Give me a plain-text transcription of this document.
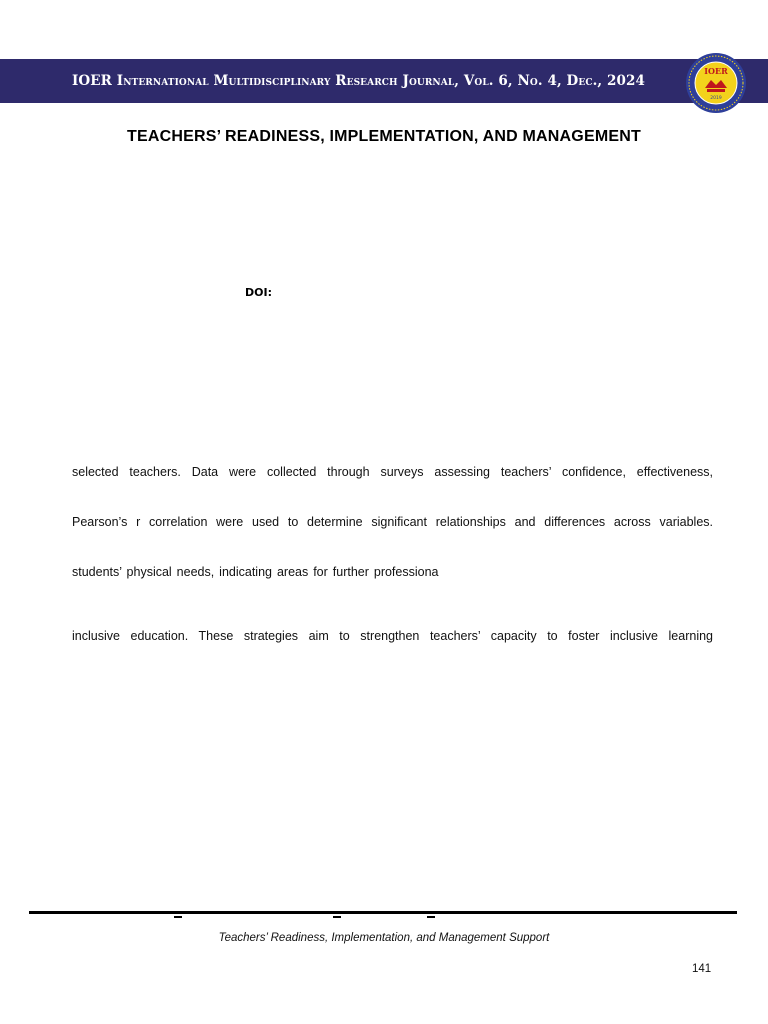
IOER International Multidisciplinary Research Journal, Vol. 6, No. 4, Dec., 2024
IOER
2019
TEACHERS’ READINESS, IMPLEMENTATION, AND MANAGEMENT
DOI:
selected teachers. Data were collected through surveys assessing teachers’ confidence, effectiveness,
Pearson’s r correlation were used to determine significant relationships and differences across variables.
students’ physical needs, indicating areas for further professiona
inclusive education. These strategies aim to strengthen teachers’ capacity to foster inclusive learning
Teachers’ Readiness, Implementation, and Management Support
141
